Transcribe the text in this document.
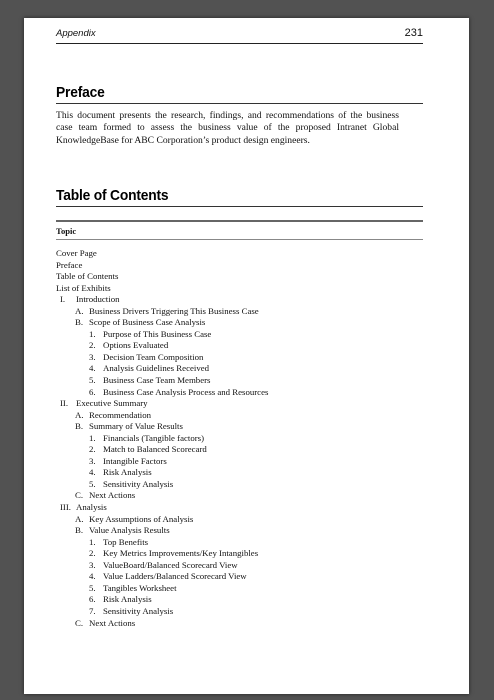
Appendix	231
Preface
This document presents the research, findings, and recommendations of the business case team formed to assess the business value of the proposed Intranet Global KnowledgeBase for ABC Corporation’s product design engineers.
Table of Contents
Topic
Cover Page
Preface
Table of Contents
List of Exhibits
I. Introduction
A. Business Drivers Triggering This Business Case
B. Scope of Business Case Analysis
1. Purpose of This Business Case
2. Options Evaluated
3. Decision Team Composition
4. Analysis Guidelines Received
5. Business Case Team Members
6. Business Case Analysis Process and Resources
II. Executive Summary
A. Recommendation
B. Summary of Value Results
1. Financials (Tangible factors)
2. Match to Balanced Scorecard
3. Intangible Factors
4. Risk Analysis
5. Sensitivity Analysis
C. Next Actions
III. Analysis
A. Key Assumptions of Analysis
B. Value Analysis Results
1. Top Benefits
2. Key Metrics Improvements/Key Intangibles
3. ValueBoard/Balanced Scorecard View
4. Value Ladders/Balanced Scorecard View
5. Tangibles Worksheet
6. Risk Analysis
7. Sensitivity Analysis
C. Next Actions
